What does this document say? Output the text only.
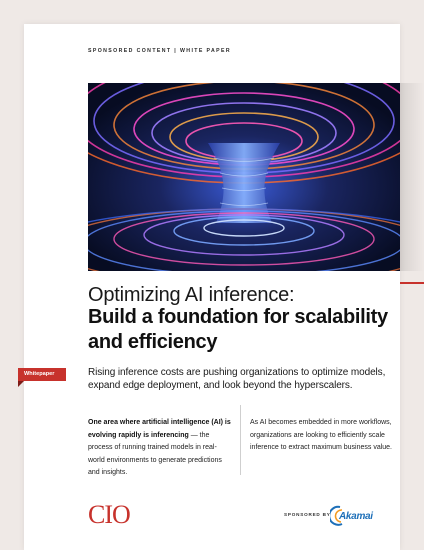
SPONSORED CONTENT | WHITE PAPER
Optimizing AI inference:
Build a foundation for scalability and efficiency
Whitepaper	Rising inference costs are pushing organizations to optimize models, expand edge deployment, and look beyond the hyperscalers.
One area where artificial intelligence (AI) is evolving rapidly is inferencing — the process of running trained models in real-world environments to generate predictions and insights.
As AI becomes embedded in more workflows, organizations are looking to efficiently scale inference to extract maximum business value.
CIO	SPONSORED BY Akamai
